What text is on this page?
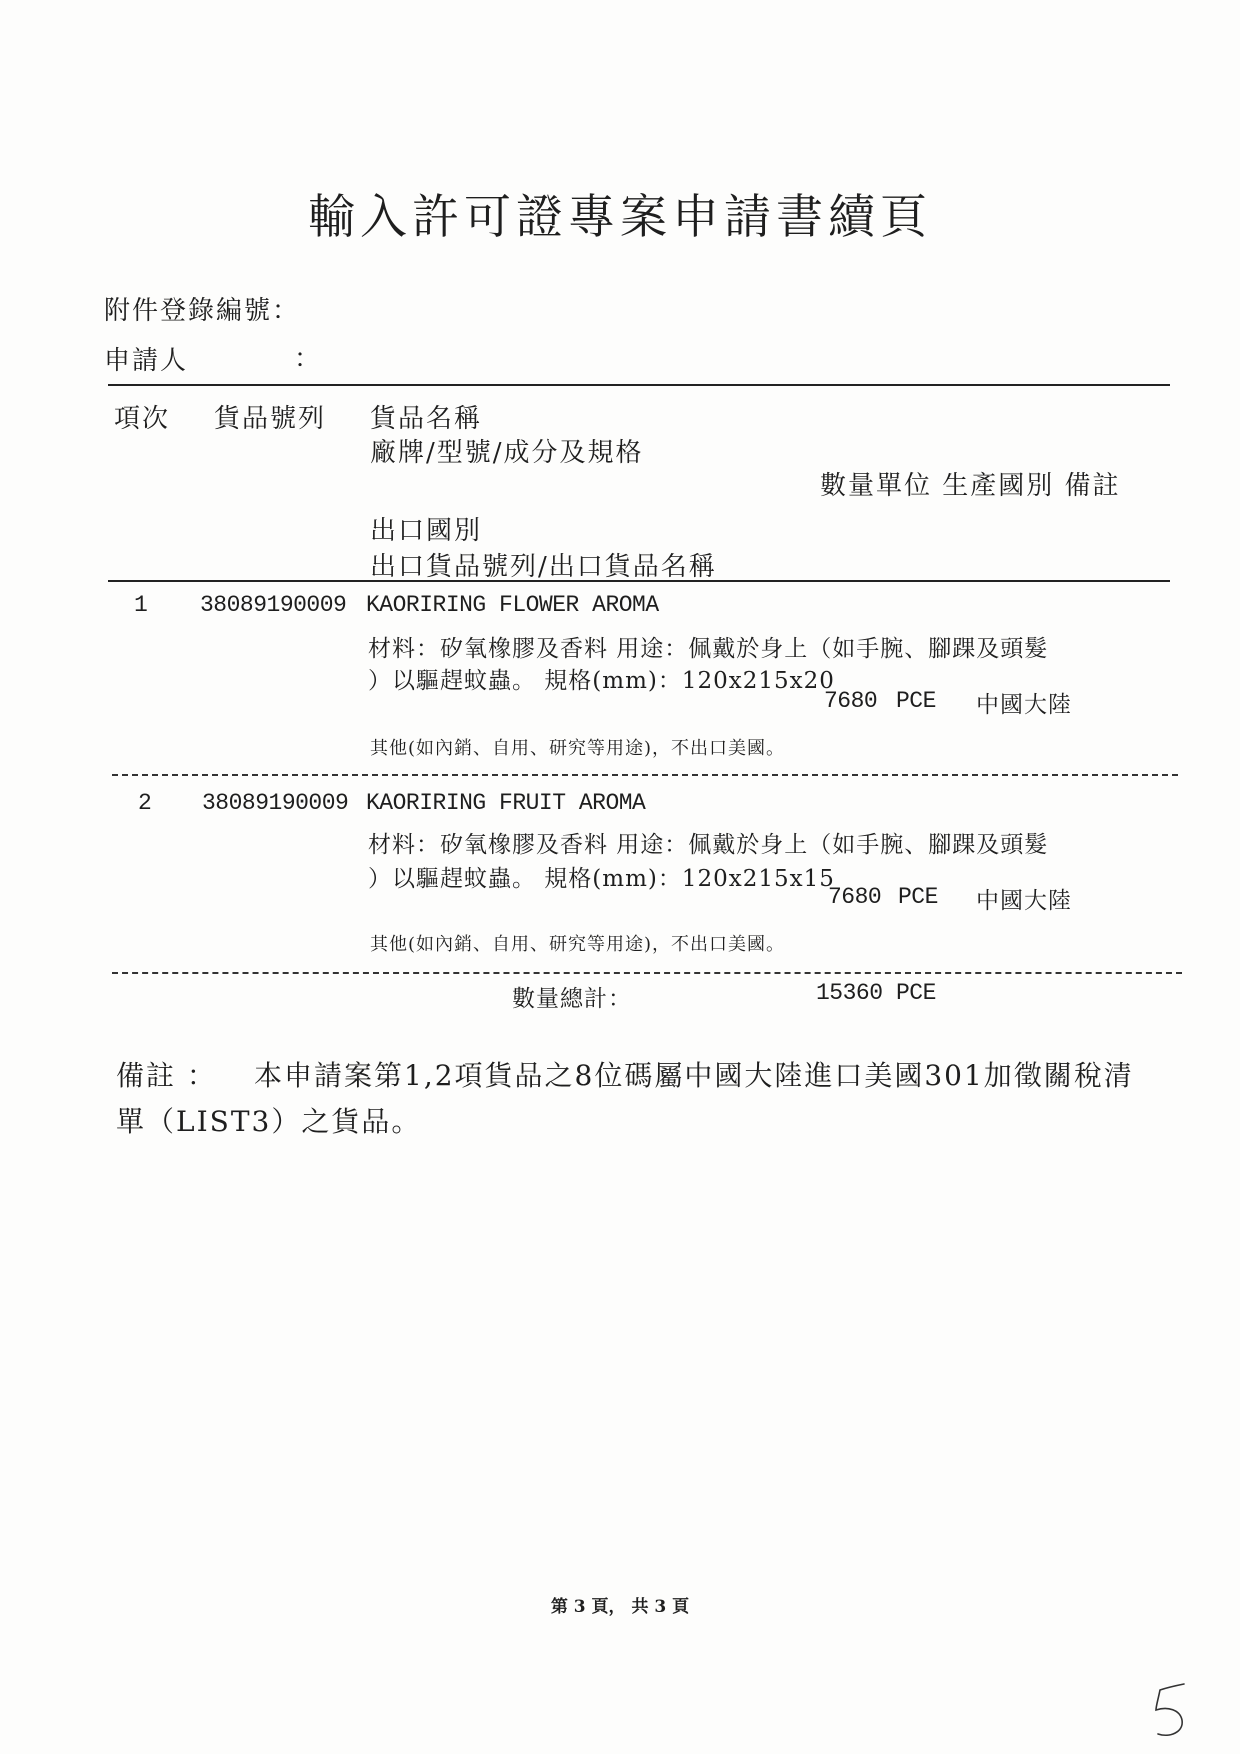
輸入許可證專案申請書續頁
附件登錄編號：
申請人	：
項次 貨品號列 貨品名稱
廠牌/型號/成分及規格
數量單位 生產國別 備註
出口國別
出口貨品號列/出口貨品名稱
1 38089190009 KAORIRING FLOWER AROMA
材料：矽氧橡膠及香料 用途：佩戴於身上（如手腕、腳踝及頭髮
）以驅趕蚊蟲。 規格(mm)：120x215x20
7680 PCE 中國大陸
其他(如內銷、自用、研究等用途)，不出口美國。
2 38089190009 KAORIRING FRUIT AROMA
材料：矽氧橡膠及香料 用途：佩戴於身上（如手腕、腳踝及頭髮
）以驅趕蚊蟲。 規格(mm)：120x215x15
7680 PCE 中國大陸
其他(如內銷、自用、研究等用途)，不出口美國。
數量總計：	15360 PCE
備註 ： 本申請案第1,2項貨品之8位碼屬中國大陸進口美國301加徵關稅清
單（LIST3）之貨品。
第 3 頁， 共 3 頁
